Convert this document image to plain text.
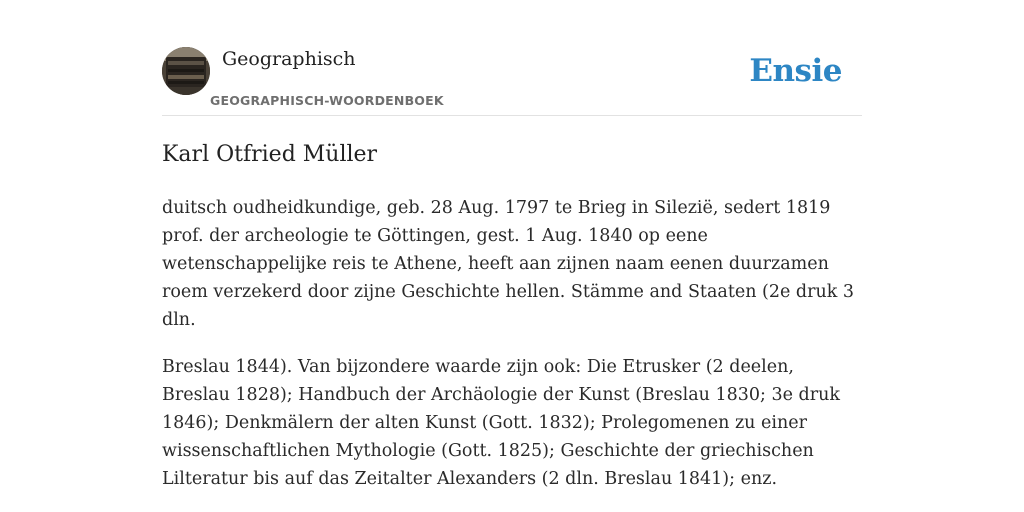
Geographisch
GEOGRAPHISCH-WOORDENBOEK
Ensie
Karl Otfried Müller

duitsch oudheidkundige, geb. 28 Aug. 1797 te Brieg in Silezië, sedert 1819 prof. der archeologie te Göttingen, gest. 1 Aug. 1840 op eene wetenschappelijke reis te Athene, heeft aan zijnen naam eenen duurzamen roem verzekerd door zijne Geschichte hellen. Stämme and Staaten (2e druk 3 dln.

Breslau 1844). Van bijzondere waarde zijn ook: Die Etrusker (2 deelen, Breslau 1828); Handbuch der Archäologie der Kunst (Breslau 1830; 3e druk 1846); Denkmälern der alten Kunst (Gott. 1832); Prolegomenen zu einer wissenschaftlichen Mythologie (Gott. 1825); Geschichte der griechischen Lilteratur bis auf das Zeitalter Alexanders (2 dln. Breslau 1841); enz.
